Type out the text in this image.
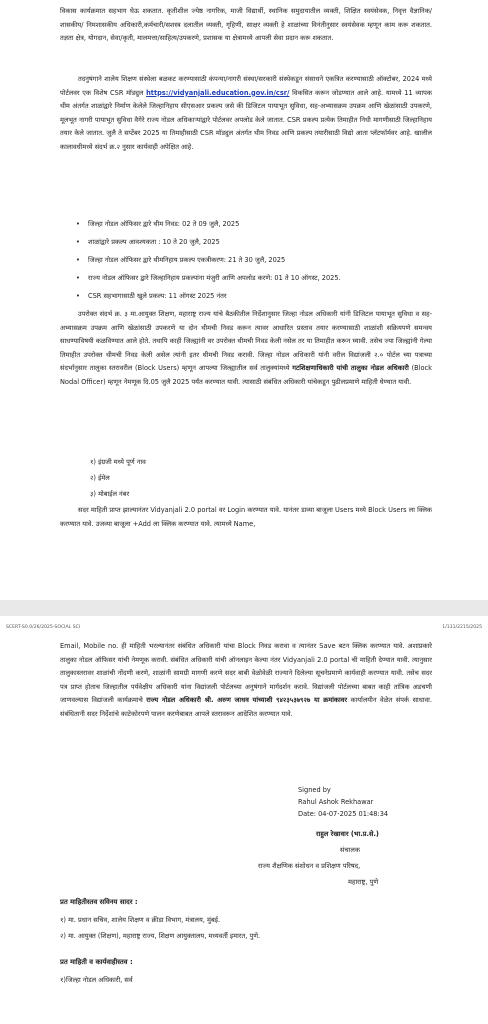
विकास कार्यक्रमात सहभाग घेऊ शकतात. कृतीशील ज्येष्ठ नागरिक, माजी विद्यार्थी, स्थानिक समुदायातील व्यक्ती, शिक्षित स्वयंसेवक, निवृत्त वैज्ञानिक/ शासकीय/ निमशासकीय अधिकारी,कर्मचारी/सशस्त्र दलातील व्यक्ती, गृहिणी, साक्षर व्यक्ती हे शाळांच्या विनंतीनुसार स्वयंसेवक म्हणून काम करू शकतात. तज्ञता क्षेत्र, योगदान, सेवा/कृती, मालमत्ता/साहित्य/उपकरणे, प्रशासक या क्षेत्रामध्ये आपली सेवा प्रदान करू शकतात.

तदनुषंगाने शालेय शिक्षण संस्थेला बळकट करण्यासाठी कंपन्या/नागरी संस्था/सरकारी संस्थेकडून संसाधने एकत्रित करण्यासाठी ऑक्टोबर, 2024 मध्ये पोर्टलवर एक विशेष CSR मॉड्युल https://vidyanjali.education.gov.in/csr/ विकसित करून जोडण्यात आले आहे. यामध्ये 11 व्यापक थीम अंतर्गत शाळांद्वारे निर्माण केलेले जिल्हानिहाय सीएसआर प्रकल्प जसे की डिजिटल पायाभूत सुविधा, सह-अभ्यासक्रम उपक्रम आणि खेळांसाठी उपकरणे, मूलभूत नागरी पायाभूत सुविधा वैगेरे राज्य नोडल अधिकाऱ्यांद्वारे पोर्टलवर अपलोड केले जातात. CSR प्रकल्प प्रत्येक तिमाहीत निधी मागणीसाठी जिल्हानिहाय तयार केले जातात. जुलै ते सप्टेंबर 2025 या तिमाहीसाठी CSR मॉड्युल अंतर्गत थीम निवड आणि प्रकल्प तयारीसाठी विद्यो आता प्लॅटफॉर्मवर आहे. खालील कालावधीमध्ये संदर्भ क्र.२ नुसार कार्यवाही अपेक्षित आहे.

• जिल्हा नोडल ऑफिसर द्वारे थीम निवड: 02 ते 09 जुलै, 2025
• शाळांद्वारे प्रकल्प आवश्यकता : 10 ते 20 जुलै, 2025
• जिल्हा नोडल ऑफिसर द्वारे थीमनिहाय प्रकल्प एकत्रीकरण: 21 ते 30 जुलै, 2025
• राज्य नोडल ऑफिसर द्वारे जिल्हानिहाय प्रकल्पांना मंजुरी आणि अपलोड करणे: 01 ते 10 ऑगस्ट, 2025.
• CSR सहभागासाठी खुले प्रकल्प: 11 ऑगस्ट 2025 नंतर

उपरोक्त संदर्भ क्र. ३ मा.आयुक्त शिक्षण, महाराष्ट्र राज्य यांचे बैठकीतील निर्देशानुसार जिल्हा नोडल अधिकारी यांनी डिजिटल पायाभूत सुविधा व सह-अभ्यासक्रम उपक्रम आणि खेळांसाठी उपकरणे या दोन थीमची निवड करून त्यावर आधारित प्रस्ताव तयार करण्यासाठी शाळांशी सक्रियपणे समन्वय साधण्याविषयी कळविण्यात आले होते. तथापि काही जिल्ह्यांनी वर उपरोक्त थीमची निवड केली नसेल तर या तिमाहीत करून घ्यावी. तसेच ज्या जिल्ह्यांनी गेल्या तिमाहीत उपरोक्त थीमची निवड केली असेल त्यांनी इतर थीमची निवड करावी. जिल्हा नोडल अधिकारी यांनी वरील विद्यांजली २.० पोर्टल च्या पत्राच्या संदर्भानुसार तालुका स्तरावरील (Block Users) म्हणून आपल्या जिल्ह्यातील सर्व तालुक्यांमध्ये गटशिक्षणाधिकारी यांची तालुका नोडल अधिकारी (Block Nodal Officer) म्हणून नेमणूक दि.05 जुलै 2025 पर्यंत करण्यात यावी. त्यासाठी संबंधित अधिकारी यांचेकडून पुढीलप्रमाणे माहिती घेण्यात यावी.

१) इंग्रजी मध्ये पूर्ण नाव
२) ईमेल
३) मोबाईल नंबर

सदर माहिती प्राप्त झाल्यानंतर Vidyanjali 2.0 portal वर Login करण्यात यावे. यानंतर डाव्या बाजूला Users मध्ये Block Users ला क्लिक करण्यात यावे. उजव्या बाजूला +Add ला क्लिक करण्यात यावे. त्यामध्ये Name,

SCERT-S0.0/26/2025-SOCIAL SCI	1/131/2215/2025

Email, Mobile no. ही माहिती भरल्यानंतर संबंधित अधिकारी यांचा Block निवड करावा व त्यानंतर Save बटन क्लिक करण्यात यावे. अशाप्रकारे तालुका नोडल ऑफिसर यांची नेमणूक करावी. संबंधित अधिकारी यांची ऑनलाइन केल्या नंतर Vidyanjali 2.0 portal ची माहिती देण्यात यावी. त्यानुसार तालुकास्तरावर शाळांची नोंदणी करणे, शाळांनी सामग्री मागणी करणे सदर बाबी वेळोवेळी राज्याने दिलेल्या सूचनेप्रमाणे कार्यवाही करण्यात यावी. तसेच सदर पत्र प्राप्त होताच जिल्हातील पर्यवेक्षीय अधिकारी यांना विद्यांजली पोर्टलच्या अनुषंगाने मार्गदर्शन करावे. विद्यांजली पोर्टलच्या बाबत काही तांत्रिक अडचणी जाणवल्यास विद्यांजली कार्यक्रमाचे राज्य नोडल अधिकारी श्री. अरुण जाधव यांच्याशी ९४२३५३७९२७ या क्रमांकावर कार्यालयीन वेळेत संपर्क साधावा. संबंधितानी सदर निर्देशांचे काटेकोरपणे पालन करणेबाबत आपले स्तरावरून आदेशित करण्यात यावे.

Signed by
Rahul Ashok Rekhawar
Date: 04-07-2025 01:48:34
राहुल रेखावार (भा.प्र.से.)
संचालक
राज्य शैक्षणिक संशोधन व प्रशिक्षण परिषद,
महाराष्ट्र, पुणे
प्रत माहितीस्तव सविनय सादर :
१) मा. प्रधान सचिव, शालेय शिक्षण व क्रीडा विभाग, मंत्रालय, मुंबई.
२) मा. आयुक्त (शिक्षण), महाराष्ट्र राज्य, शिक्षण आयुक्तालय, मध्यवर्ती इमारत, पुणे.
प्रत माहिती व कार्यवाहीस्तव :
१)जिल्हा नोडल अधिकारी, सर्व
